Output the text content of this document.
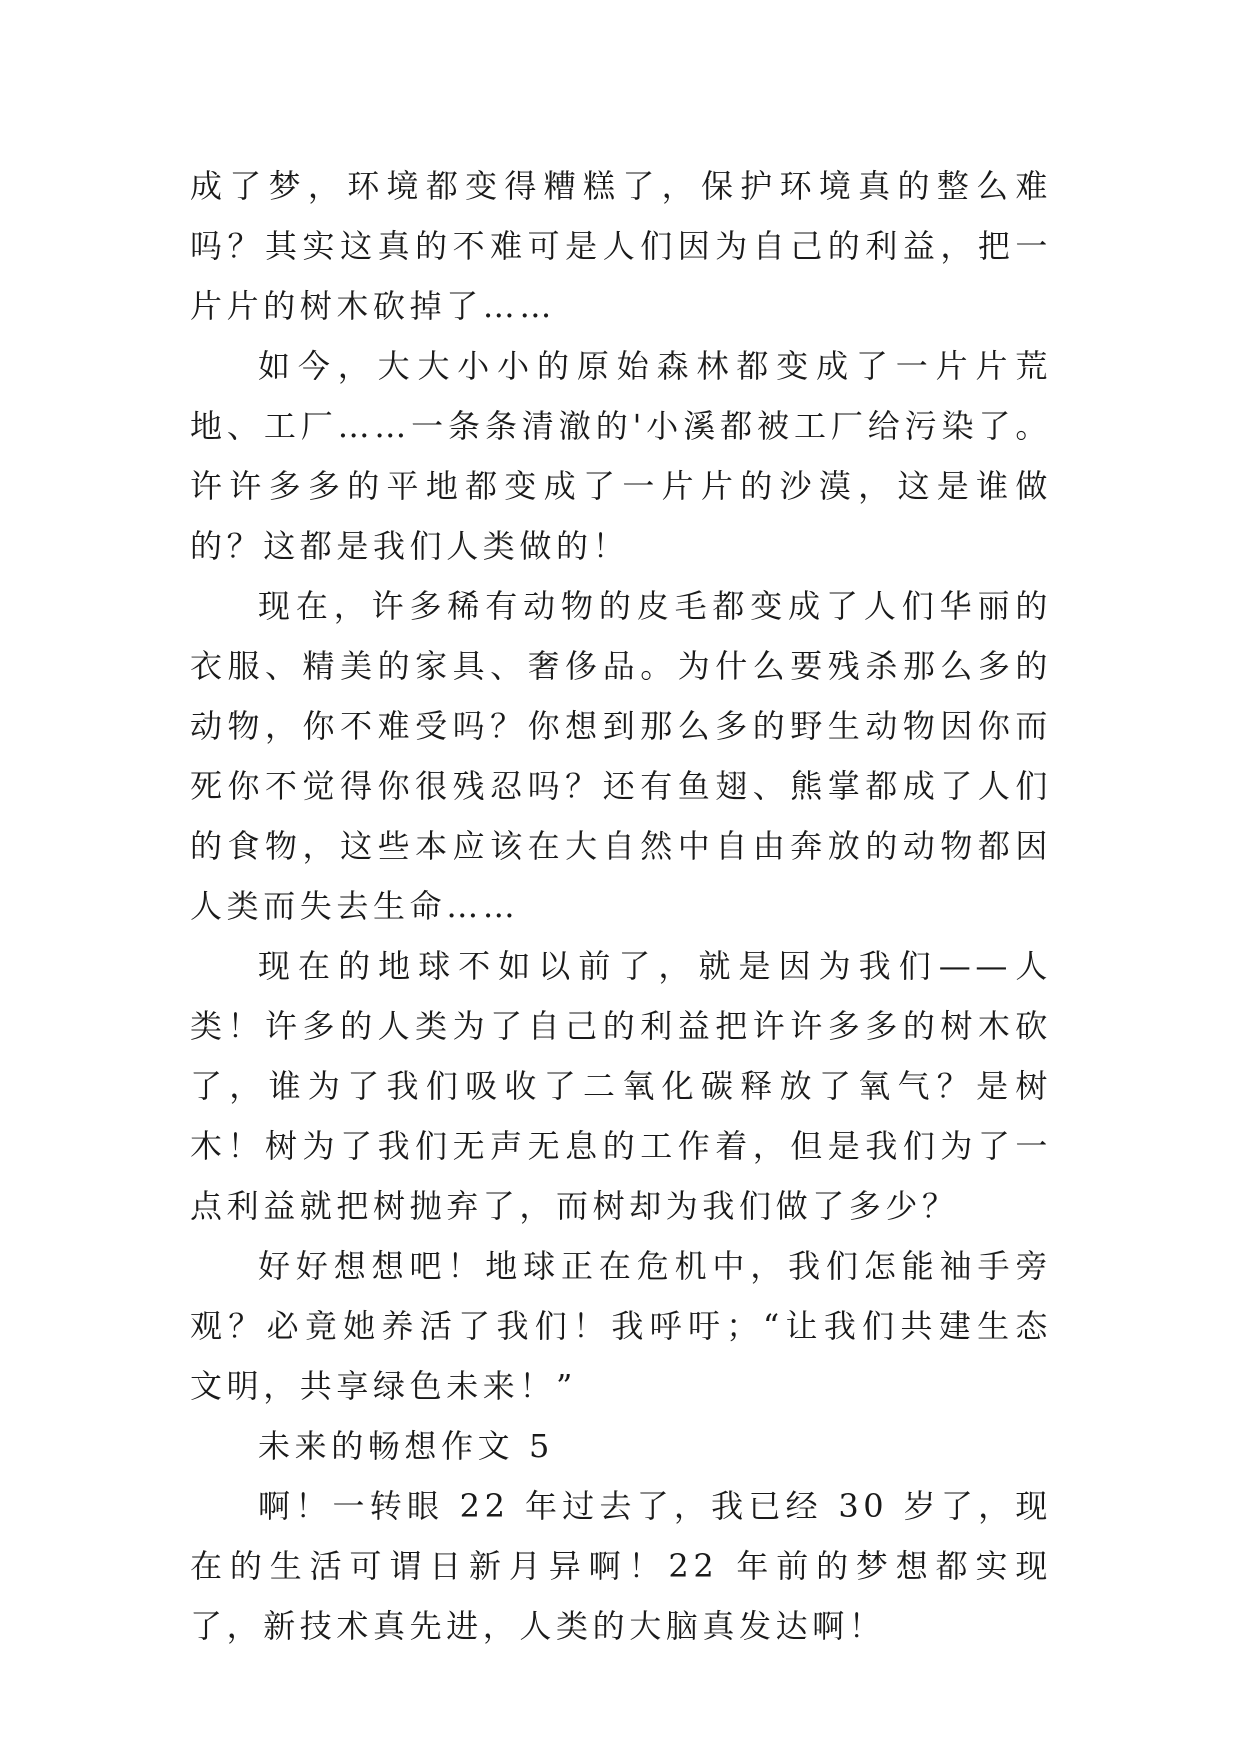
成了梦，环境都变得糟糕了，保护环境真的整么难吗？其实这真的不难可是人们因为自己的利益，把一片片的树木砍掉了……

如今，大大小小的原始森林都变成了一片片荒地、工厂……一条条清澈的'小溪都被工厂给污染了。许许多多的平地都变成了一片片的沙漠，这是谁做的？这都是我们人类做的！

现在，许多稀有动物的皮毛都变成了人们华丽的衣服、精美的家具、奢侈品。为什么要残杀那么多的动物，你不难受吗？你想到那么多的野生动物因你而死你不觉得你很残忍吗？还有鱼翅、熊掌都成了人们的食物，这些本应该在大自然中自由奔放的动物都因人类而失去生命……

现在的地球不如以前了，就是因为我们——人类！许多的人类为了自己的利益把许许多多的树木砍了，谁为了我们吸收了二氧化碳释放了氧气？是树木！树为了我们无声无息的工作着，但是我们为了一点利益就把树抛弃了，而树却为我们做了多少？

好好想想吧！地球正在危机中，我们怎能袖手旁观？必竟她养活了我们！我呼吁；“让我们共建生态文明，共享绿色未来！”

未来的畅想作文 5

啊！一转眼 22 年过去了，我已经 30 岁了，现在的生活可谓日新月异啊！22 年前的梦想都实现了，新技术真先进，人类的大脑真发达啊！
